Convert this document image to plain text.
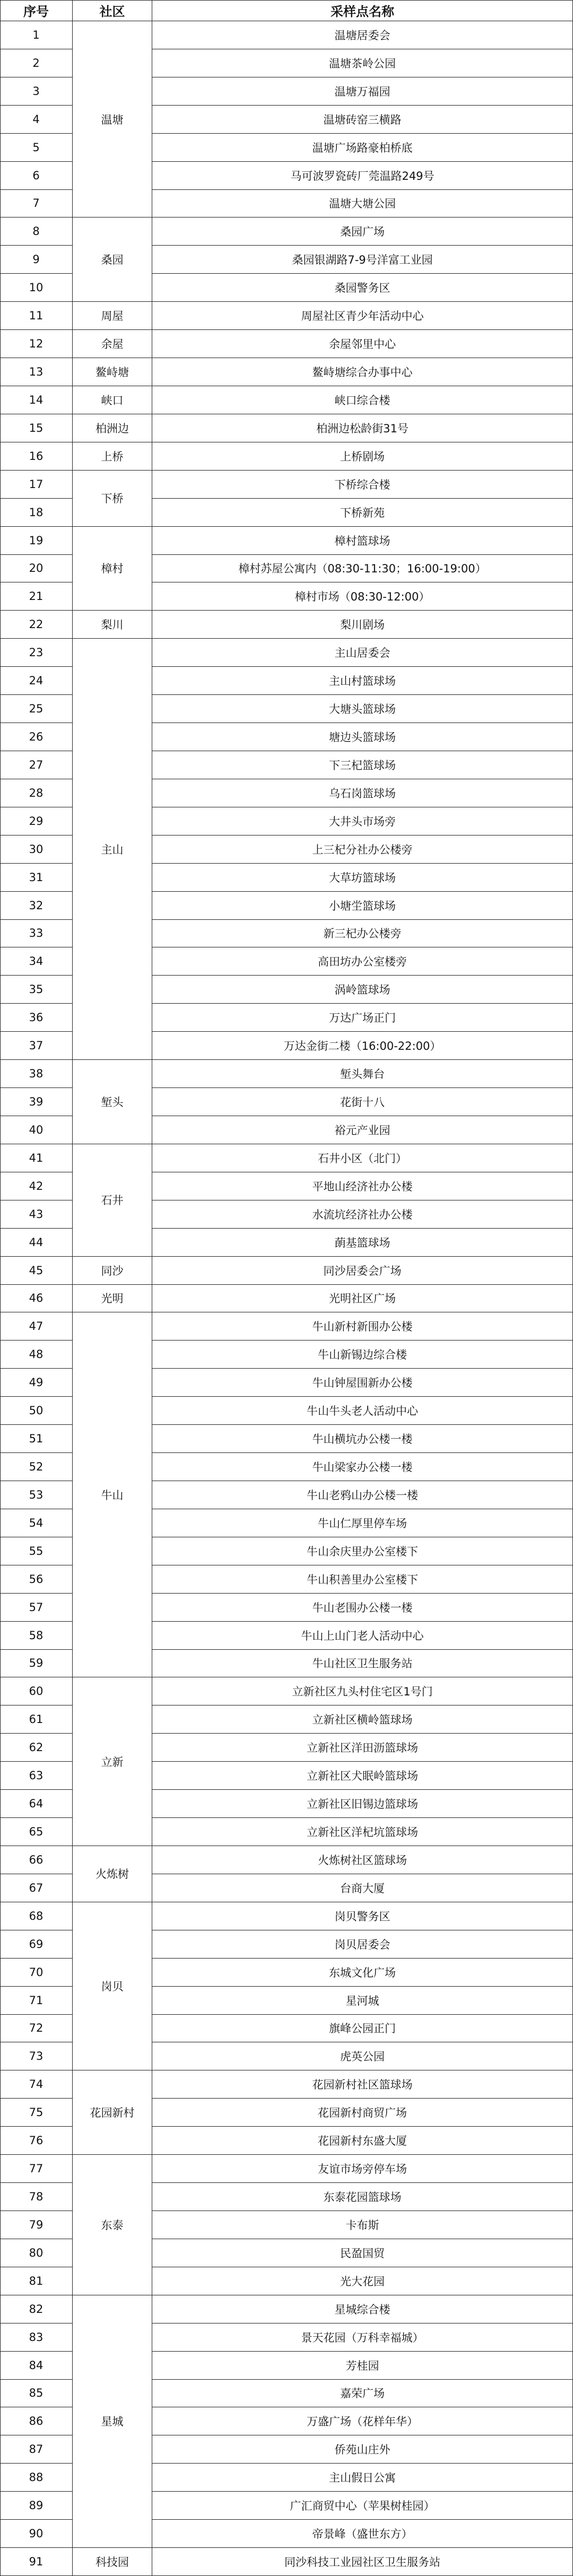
序号	社区	采样点名称
温塘
1	温塘居委会
2	温塘茶岭公园
3	温塘万福园
4	温塘砖窑三横路
5	温塘广场路豪柏桥底
6	马可波罗瓷砖厂莞温路249号
7	温塘大塘公园
桑园
8	桑园广场
9	桑园银湖路7-9号洋富工业园
10	桑园警务区
周屋
11	周屋社区青少年活动中心
余屋
12	余屋邻里中心
鳌峙塘
13	鳌峙塘综合办事中心
峡口
14	峡口综合楼
柏洲边
15	柏洲边松龄街31号
上桥
16	上桥剧场
下桥
17	下桥综合楼
18	下桥新苑
樟村
19	樟村篮球场
20	樟村苏屋公寓内（08:30-11:30；16:00-19:00）
21	樟村市场（08:30-12:00）
梨川
22	梨川剧场
主山
23	主山居委会
24	主山村篮球场
25	大塘头篮球场
26	塘边头篮球场
27	下三杞篮球场
28	乌石岗篮球场
29	大井头市场旁
30	上三杞分社办公楼旁
31	大草坊篮球场
32	小塘坣篮球场
33	新三杞办公楼旁
34	高田坊办公室楼旁
35	涡岭篮球场
36	万达广场正门
37	万达金街二楼（16:00-22:00）
堑头
38	堑头舞台
39	花街十八
40	裕元产业园
石井
41	石井小区（北门）
42	平地山经济社办公楼
43	水流坑经济社办公楼
44	蓢基篮球场
同沙
45	同沙居委会广场
光明
46	光明社区广场
牛山
47	牛山新村新围办公楼
48	牛山新锡边综合楼
49	牛山钟屋围新办公楼
50	牛山牛头老人活动中心
51	牛山横坑办公楼一楼
52	牛山梁家办公楼一楼
53	牛山老鸦山办公楼一楼
54	牛山仁厚里停车场
55	牛山余庆里办公室楼下
56	牛山积善里办公室楼下
57	牛山老围办公楼一楼
58	牛山上山门老人活动中心
59	牛山社区卫生服务站
立新
60	立新社区九头村住宅区1号门
61	立新社区横岭篮球场
62	立新社区洋田沥篮球场
63	立新社区犬眠岭篮球场
64	立新社区旧锡边篮球场
65	立新社区洋杞坑篮球场
火炼树
66	火炼树社区篮球场
67	台商大厦
岗贝
68	岗贝警务区
69	岗贝居委会
70	东城文化广场
71	星河城
72	旗峰公园正门
73	虎英公园
花园新村
74	花园新村社区篮球场
75	花园新村商贸广场
76	花园新村东盛大厦
东泰
77	友谊市场旁停车场
78	东泰花园篮球场
79	卡布斯
80	民盈国贸
81	光大花园
星城
82	星城综合楼
83	景天花园（万科幸福城）
84	芳桂园
85	嘉荣广场
86	万盛广场（花样年华）
87	侨苑山庄外
88	主山假日公寓
89	广汇商贸中心（苹果树桂园）
90	帝景峰（盛世东方）
科技园
91	同沙科技工业园社区卫生服务站
